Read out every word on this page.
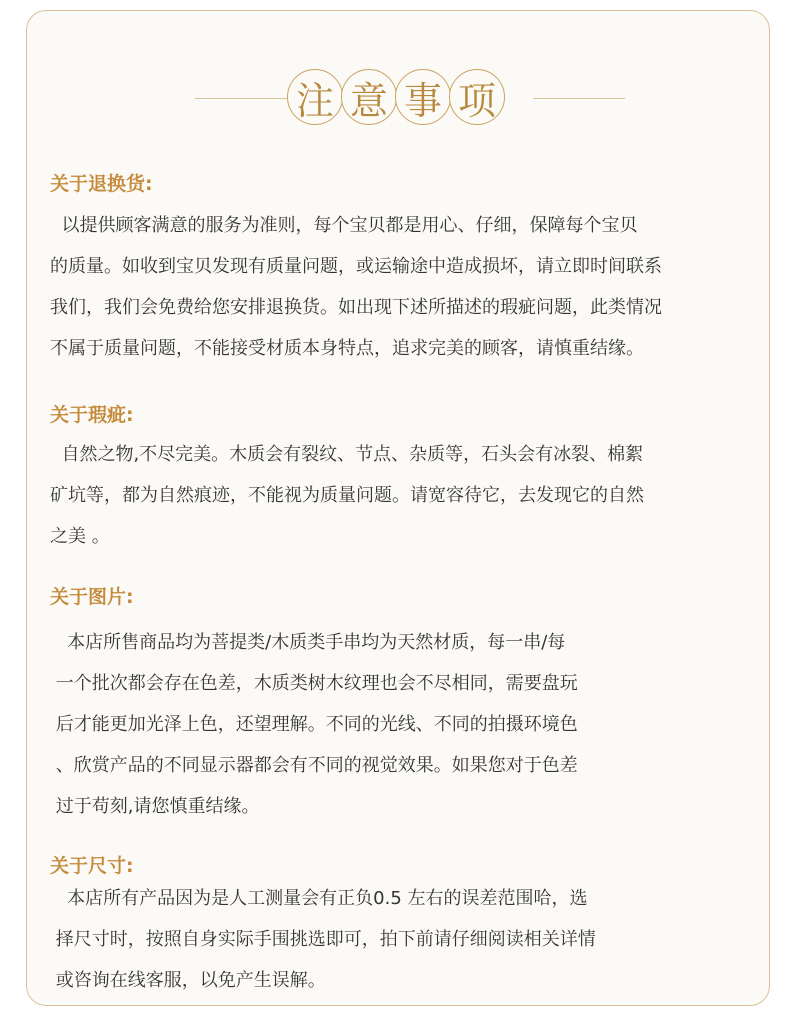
注 意 事 项
关于退换货:
以提供顾客满意的服务为准则，每个宝贝都是用心、仔细，保障每个宝贝
的质量。如收到宝贝发现有质量问题，或运输途中造成损坏，请立即时间联系
我们，我们会免费给您安排退换货。如出现下述所描述的瑕疵问题，此类情况
不属于质量问题，不能接受材质本身特点，追求完美的顾客，请慎重结缘。
关于瑕疵:
自然之物,不尽完美。木质会有裂纹、节点、杂质等，石头会有冰裂、棉絮
矿坑等，都为自然痕迹，不能视为质量问题。请宽容待它，去发现它的自然
之美 。
关于图片:
本店所售商品均为菩提类/木质类手串均为天然材质，每一串/每
一个批次都会存在色差，木质类树木纹理也会不尽相同，需要盘玩
后才能更加光泽上色，还望理解。不同的光线、不同的拍摄环境色
、欣赏产品的不同显示器都会有不同的视觉效果。如果您对于色差
过于苟刻,请您慎重结缘。
关于尺寸:
本店所有产品因为是人工测量会有正负0.5 左右的误差范围哈，选
择尺寸时，按照自身实际手围挑选即可，拍下前请仔细阅读相关详情
或咨询在线客服，以免产生误解。
